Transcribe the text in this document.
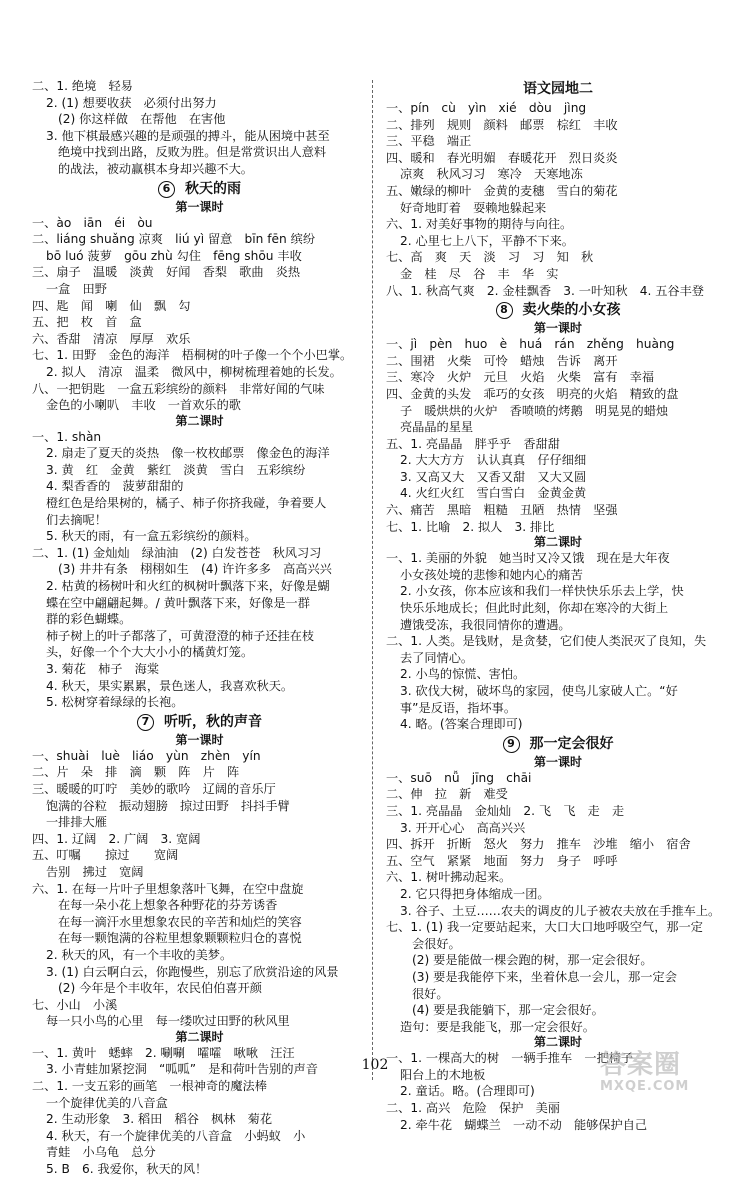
二、1. 绝境　轻易
2. (1) 想要收获　必须付出努力
(2) 你这样做　在帮他　在害他
3. 他下棋最感兴趣的是顽强的搏斗，能从困境中甚至
绝境中找到出路，反败为胜。但是常赏识出人意料
的战法，被动赢棋本身却兴趣不大。
6 秋天的雨
第一课时
一、ào　iān　éi　òu
二、liáng shuǎng 凉爽　liú yì 留意　bīn fēn 缤纷
bō luó 菠萝　gōu zhù 勾住　fēng shōu 丰收
三、扇子　温暖　淡黄　好闻　香梨　歌曲　炎热
一盒　田野
四、匙　闻　喇　仙　飘　勾
五、把　枚　首　盒
六、香甜　清凉　厚厚　欢乐
七、1. 田野　金色的海洋　梧桐树的叶子像一个个小巴掌。
2. 拟人　清凉　温柔　微风中，柳树梳理着她的长发。
八、一把钥匙　一盒五彩缤纷的颜料　非常好闻的气味
金色的小喇叭　丰收　一首欢乐的歌
第二课时
一、1. shàn
2. 扇走了夏天的炎热　像一枚枚邮票　像金色的海洋
3. 黄　红　金黄　紫红　淡黄　雪白　五彩缤纷
4. 梨香香的　菠萝甜甜的
橙红色是给果树的，橘子、柿子你挤我碰，争着要人
们去摘呢！
5. 秋天的雨，有一盒五彩缤纷的颜料。
二、1. (1) 金灿灿　绿油油　(2) 白发苍苍　秋风习习
(3) 井井有条　栩栩如生　(4) 许许多多　高高兴兴
2. 枯黄的杨树叶和火红的枫树叶飘落下来，好像是蝴
蝶在空中翩翩起舞。/ 黄叶飘落下来，好像是一群
群的彩色蝴蝶。
柿子树上的叶子都落了，可黄澄澄的柿子还挂在枝
头，好像一个个大大小小的橘黄灯笼。
3. 菊花　柿子　海棠
4. 秋天，果实累累，景色迷人，我喜欢秋天。
5. 松树穿着绿绿的长袍。
7 听听，秋的声音
第一课时
一、shuài　luè　liáo　yùn　zhèn　yín
二、片　朵　排　滴　颗　阵　片　阵
三、暖暖的叮咛　美妙的歌吟　辽阔的音乐厅
饱满的谷粒　振动翅膀　掠过田野　抖抖手臂
一排排大雁
四、1. 辽阔　2. 广阔　3. 宽阔
五、叮嘱　　掠过　　宽阔
告别　拂过　宽阔
六、1. 在每一片叶子里想象落叶飞舞，在空中盘旋
在每一朵小花上想象各种野花的芬芳诱香
在每一滴汗水里想象农民的辛苦和灿烂的笑容
在每一颗饱满的谷粒里想象颗颗粒归仓的喜悦
2. 秋天的风，有一个丰收的美梦。
3. (1) 白云啊白云，你跑慢些，别忘了欣赏沿途的风景
(2) 今年是个丰收年，农民伯伯喜开颜
七、小山　小溪
每一只小鸟的心里　每一缕吹过田野的秋风里
第二课时
一、1. 黄叶　蟋蟀　2. 唰唰　嚯嚯　啾啾　汪汪
3. 小青蛙加紧挖洞　“呱呱”　是和荷叶告别的声音
二、1. 一支五彩的画笔　一根神奇的魔法棒
一个旋律优美的八音盒
2. 生动形象　3. 稻田　稻谷　枫林　菊花
4. 秋天，有一个旋律优美的八音盒　小蚂蚁　小
青蛙　小乌龟　总分
5. B　6. 我爱你，秋天的风！
语文园地二
一、pín　cù　yìn　xié　dòu　jìng
二、排列　规则　颜料　邮票　棕红　丰收
三、平稳　端正
四、暖和　春光明媚　春暖花开　烈日炎炎
凉爽　秋风习习　寒冷　天寒地冻
五、嫩绿的柳叶　金黄的麦穗　雪白的菊花
好奇地盯着　耍赖地躲起来
六、1. 对美好事物的期待与向往。
2. 心里七上八下，平静不下来。
七、高　爽　天　淡　习　习　知　秋
金　桂　尽　谷　丰　华　实
八、1. 秋高气爽　2. 金桂飘香　3. 一叶知秋　4. 五谷丰登
8 卖火柴的小女孩
第一课时
一、jì　pèn　huo　è　huá　rán　zhěng　huàng
二、围裙　火柴　可怜　蜡烛　告诉　离开
三、寒冷　火炉　元旦　火焰　火柴　富有　幸福
四、金黄的头发　乖巧的女孩　明亮的火焰　精致的盘
子　暖烘烘的火炉　香喷喷的烤鹅　明晃晃的蜡烛
亮晶晶的星星
五、1. 亮晶晶　胖乎乎　香甜甜
2. 大大方方　认认真真　仔仔细细
3. 又高又大　又香又甜　又大又圆
4. 火红火红　雪白雪白　金黄金黄
六、痛苦　黑暗　粗糙　丑陋　热情　坚强
七、1. 比喻　2. 拟人　3. 排比
第二课时
一、1. 美丽的外貌　她当时又冷又饿　现在是大年夜
小女孩处境的悲惨和她内心的痛苦
2. 小女孩，你本应该和我们一样快快乐乐去上学，快
快乐乐地成长；但此时此刻，你却在寒冷的大街上
遭饿受冻，我很同情你的遭遇。
二、1. 人类。是钱财，是贪婪，它们使人类泯灭了良知，失
去了同情心。
2. 小鸟的惊慌、害怕。
3. 砍伐大树，破坏鸟的家园，使鸟儿家破人亡。“好
事”是反语，指坏事。
4. 略。(答案合理即可)
9 那一定会很好
第一课时
一、suō　nǚ　jīng　chāi
二、伸　拉　新　难受
三、1. 亮晶晶　金灿灿　2. 飞　飞　走　走
3. 开开心心　高高兴兴
四、拆开　折断　怒火　努力　推车　沙堆　缩小　宿舍
五、空气　紧紧　地面　努力　身子　呼呼
六、1. 树叶拂动起来。
2. 它只得把身体缩成一团。
3. 谷子、土豆……农夫的调皮的儿子被农夫放在手推车上。
七、1. (1) 我一定要站起来，大口大口地呼吸空气，那一定
会很好。
(2) 要是能做一棵会跑的树，那一定会很好。
(3) 要是我能停下来，坐着休息一会儿，那一定会
很好。
(4) 要是我能躺下，那一定会很好。
造句：要是我能飞，那一定会很好。
第二课时
一、1. 一棵高大的树　一辆手推车　一把椅子
阳台上的木地板
2. 童话。略。(合理即可)
二、1. 高兴　危险　保护　美丽
2. 牵牛花　蝴蝶兰　一动不动　能够保护自己
102	答案圈
MXQE.COM
